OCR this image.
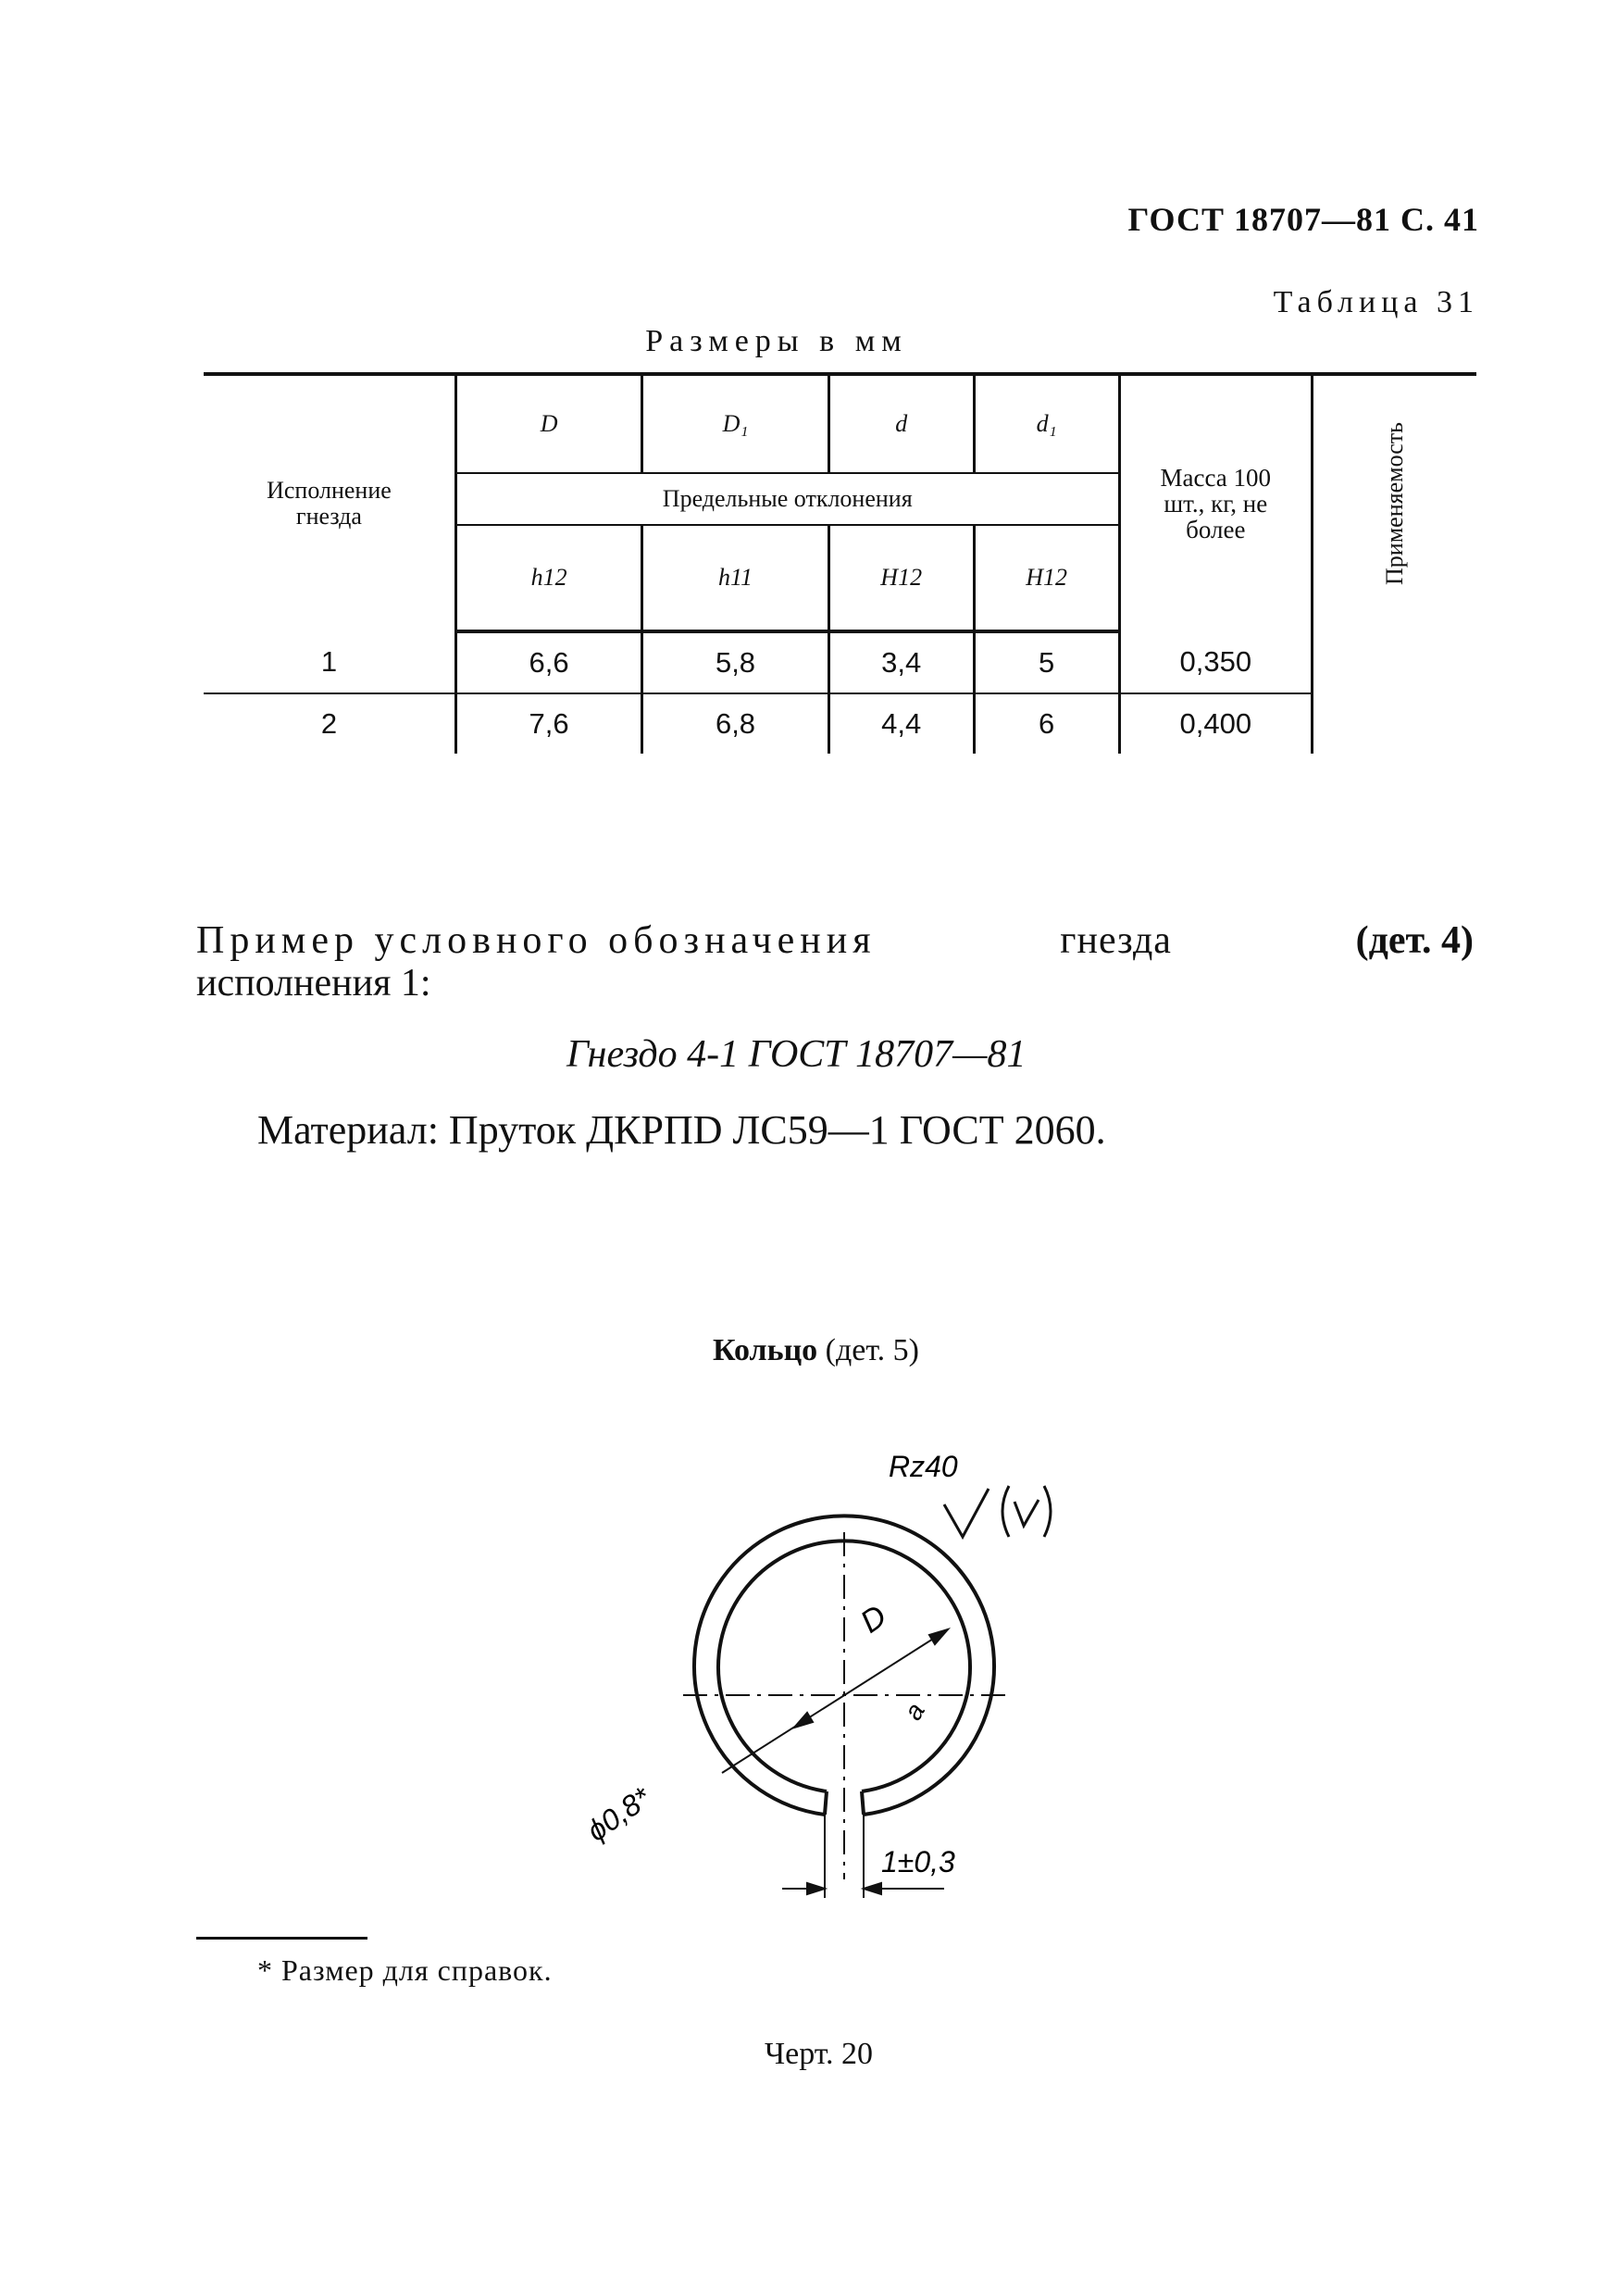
ГОСТ 18707—81 С. 41
Таблица 31
Размеры в мм
Исполнение гнезда	D	D₁	d	d₁	Масса 100 шт., кг, не более	Применяемость
	Предельные отклонения					
	h12	h11	H12	H12		
1	6,6	5,8	3,4	5	0,350	
2	7,6	6,8	4,4	6	0,400	
Пример условного обозначения	гнезда	(дет. 4)
исполнения 1:
Гнездо 4-1 ГОСТ 18707—81
Материал: Пруток ДКРПD ЛС59—1 ГОСТ 2060.
Кольцо (дет. 5)
Rz40
D
a
ϕ0,8*
1±0,3
* Размер для справок.
Черт. 20
